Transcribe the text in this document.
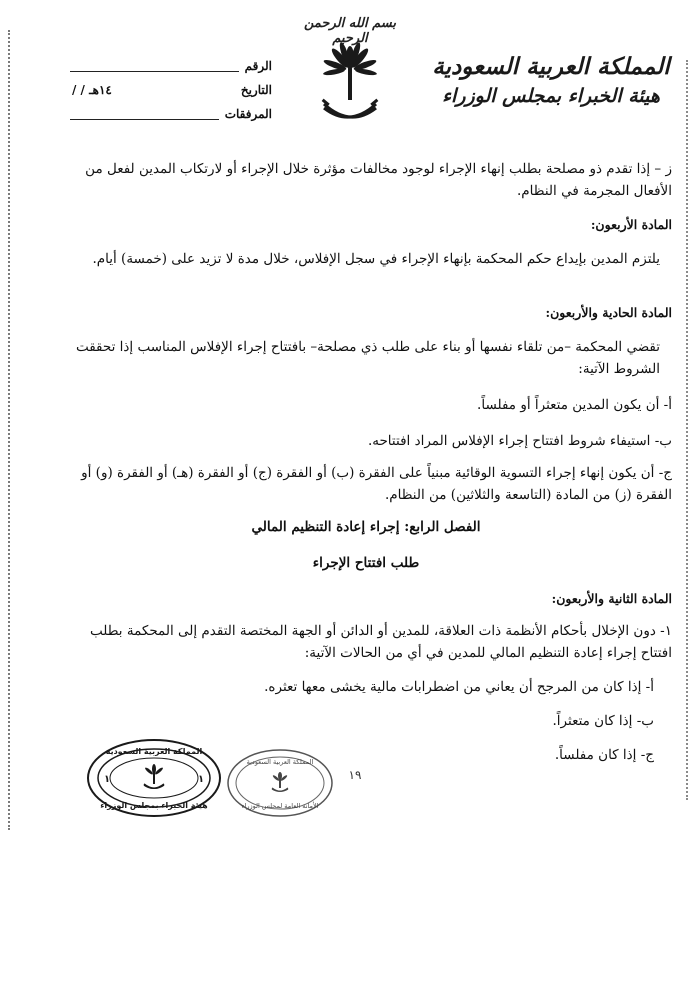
بسم الله الرحمن الرحيم
المملكة العربية السعودية
هيئة الخبراء بمجلس الوزراء
الرقم
التاريخ
/ / ١٤هـ
المرفقات

ز – إذا تقدم ذو مصلحة بطلب إنهاء الإجراء لوجود مخالفات مؤثرة خلال الإجراء أو لارتكاب المدين لفعل من الأفعال المجرمة في النظام.

المادة الأربعون:

يلتزم المدين بإيداع حكم المحكمة بإنهاء الإجراء في سجل الإفلاس، خلال مدة لا تزيد على (خمسة) أيام.

المادة الحادية والأربعون:

تقضي المحكمة –من تلقاء نفسها أو بناء على طلب ذي مصلحة– بافتتاح إجراء الإفلاس المناسب إذا تحققت الشروط الآتية:

أ- أن يكون المدين متعثراً أو مفلساً.

ب- استيفاء شروط افتتاح إجراء الإفلاس المراد افتتاحه.

ج- أن يكون إنهاء إجراء التسوية الوقائية مبنياً على الفقرة (ب) أو الفقرة (ج) أو الفقرة (هـ) أو الفقرة (و) أو الفقرة (ز) من المادة (التاسعة والثلاثين) من النظام.

الفصل الرابع: إجراء إعادة التنظيم المالي

طلب افتتاح الإجراء

المادة الثانية والأربعون:

١- دون الإخلال بأحكام الأنظمة ذات العلاقة، للمدين أو الدائن أو الجهة المختصة التقدم إلى المحكمة بطلب افتتاح إجراء إعادة التنظيم المالي للمدين في أي من الحالات الآتية:

أ- إذا كان من المرجح أن يعاني من اضطرابات مالية يخشى معها تعثره.

ب- إذا كان متعثراً.

ج- إذا كان مفلساً.

المملكة العربية السعودية
هيئة الخبراء بمجلس الوزراء
١	١
المملكة العربية السعودية
الأمانة العامة لمجلس الوزراء
١٩
